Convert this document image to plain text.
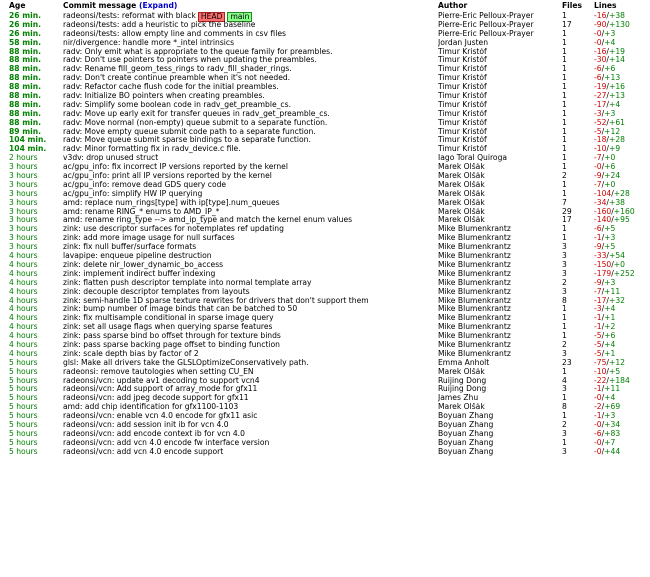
Age	Commit message (Expand)	Author	Files	Lines
26 min.	radeonsi/tests: reformat with black HEAD main	Pierre-Eric Pelloux-Prayer	1	-16/+38
26 min.	radeonsi/tests: add a heuristic to pick the baseline	Pierre-Eric Pelloux-Prayer	17	-90/+130
26 min.	radeonsi/tests: allow empty line and comments in csv files	Pierre-Eric Pelloux-Prayer	1	-0/+3
58 min.	nir/divergence: handle more *_intel intrinsics	Jordan Justen	1	-0/+4
88 min.	radv: Only emit what is appropriate to the queue family for preambles.	Timur Kristóf	1	-16/+19
88 min.	radv: Don't use pointers to pointers when updating the preambles.	Timur Kristóf	1	-30/+14
88 min.	radv: Rename fill_geom_tess_rings to radv_fill_shader_rings.	Timur Kristóf	1	-6/+6
88 min.	radv: Don't create continue preamble when it's not needed.	Timur Kristóf	1	-6/+13
88 min.	radv: Refactor cache flush code for the initial preambles.	Timur Kristóf	1	-19/+16
88 min.	radv: Initialize BO pointers when creating preambles.	Timur Kristóf	1	-27/+13
88 min.	radv: Simplify some boolean code in radv_get_preamble_cs.	Timur Kristóf	1	-17/+4
88 min.	radv: Move up early exit for transfer queues in radv_get_preamble_cs.	Timur Kristóf	1	-3/+3
88 min.	radv: Move normal (non-empty) queue submit to a separate function.	Timur Kristóf	1	-52/+61
89 min.	radv: Move empty queue submit code path to a separate function.	Timur Kristóf	1	-5/+12
104 min.	radv: Move queue submit sparse bindings to a separate function.	Timur Kristóf	1	-18/+28
104 min.	radv: Minor formatting fix in radv_device.c file.	Timur Kristóf	1	-10/+9
2 hours	v3dv: drop unused struct	Iago Toral Quiroga	1	-7/+0
3 hours	ac/gpu_info: fix incorrect IP versions reported by the kernel	Marek Olšák	1	-0/+6
3 hours	ac/gpu_info: print all IP versions reported by the kernel	Marek Olšák	2	-9/+24
3 hours	ac/gpu_info: remove dead GDS query code	Marek Olšák	1	-7/+0
3 hours	ac/gpu_info: simplify HW IP querying	Marek Olšák	1	-104/+28
3 hours	amd: replace num_rings[type] with ip[type].num_queues	Marek Olšák	7	-34/+38
3 hours	amd: rename RING_* enums to AMD_IP_*	Marek Olšák	29	-160/+160
3 hours	amd: rename ring_type --> amd_ip_type and match the kernel enum values	Marek Olšák	17	-140/+95
3 hours	zink: use descriptor surfaces for notemplates ref updating	Mike Blumenkrantz	1	-6/+5
3 hours	zink: add more image usage for null surfaces	Mike Blumenkrantz	1	-1/+3
3 hours	zink: fix null buffer/surface formats	Mike Blumenkrantz	3	-9/+5
4 hours	lavapipe: enqueue pipeline destruction	Mike Blumenkrantz	3	-33/+54
4 hours	zink: delete nir_lower_dynamic_bo_access	Mike Blumenkrantz	3	-150/+0
4 hours	zink: implement indirect buffer indexing	Mike Blumenkrantz	3	-179/+252
4 hours	zink: flatten push descriptor template into normal template array	Mike Blumenkrantz	2	-9/+3
4 hours	zink: decouple descriptor templates from layouts	Mike Blumenkrantz	3	-7/+11
4 hours	zink: semi-handle 1D sparse texture rewrites for drivers that don't support them	Mike Blumenkrantz	8	-17/+32
4 hours	zink: bump number of image binds that can be batched to 50	Mike Blumenkrantz	1	-3/+4
4 hours	zink: fix multisample conditional in sparse image query	Mike Blumenkrantz	1	-1/+1
4 hours	zink: set all usage flags when querying sparse features	Mike Blumenkrantz	1	-1/+2
4 hours	zink: pass sparse bind bo offset through for texture binds	Mike Blumenkrantz	1	-5/+6
4 hours	zink: pass sparse backing page offset to binding function	Mike Blumenkrantz	2	-5/+4
4 hours	zink: scale depth bias by factor of 2	Mike Blumenkrantz	3	-5/+1
5 hours	glsl: Make all drivers take the GLSLOptimizeConservatively path.	Emma Anholt	23	-75/+12
5 hours	radeonsi: remove tautologies when setting CU_EN	Marek Olšák	1	-10/+5
5 hours	radeonsi/vcn: update av1 decoding to support vcn4	Ruijing Dong	4	-22/+184
5 hours	radeonsi/vcn: Add support of array_mode for gfx11	Ruijing Dong	3	-1/+11
5 hours	radeonsi/vcn: add jpeg decode support for gfx11	James Zhu	1	-0/+4
5 hours	amd: add chip identification for gfx1100-1103	Marek Olšák	8	-2/+69
5 hours	radeonsi/vcn: enable vcn 4.0 encode for gfx11 asic	Boyuan Zhang	1	-1/+3
5 hours	radeonsi/vcn: add session init ib for vcn 4.0	Boyuan Zhang	2	-0/+34
5 hours	radeonsi/vcn: add encode context ib for vcn 4.0	Boyuan Zhang	3	-6/+83
5 hours	radeonsi/vcn: add vcn 4.0 encode fw interface version	Boyuan Zhang	1	-0/+7
5 hours	radeonsi/vcn: add vcn 4.0 encode support	Boyuan Zhang	3	-0/+44
